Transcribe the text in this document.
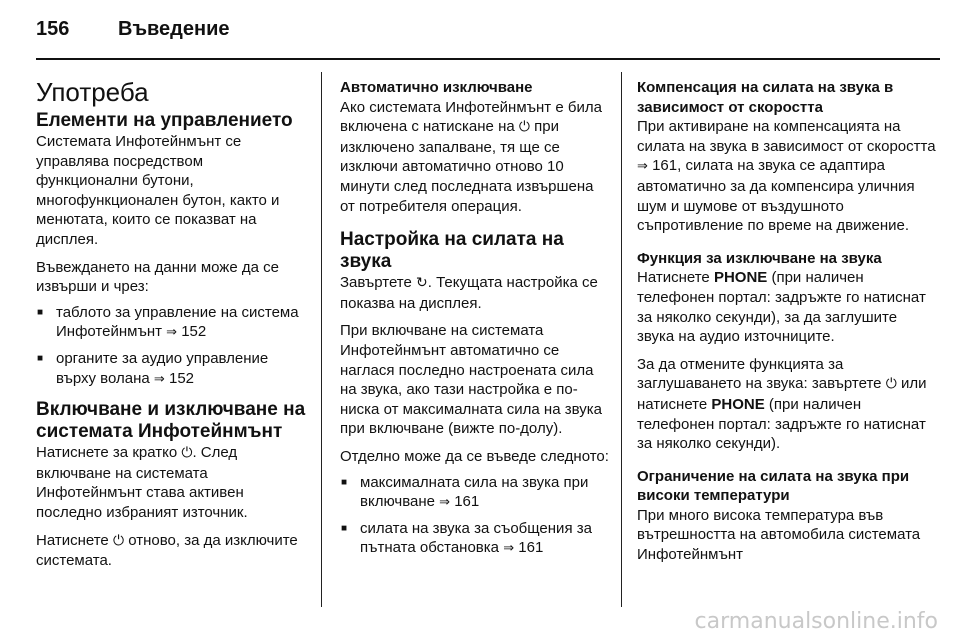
156	Въведение
Употреба
Елементи на управлението

Системата Инфотейнмънт се управлява посредством функционални бутони, многофункционален бутон, както и менютата, които се показват на дисплея.

Въвеждането на данни може да се извърши и чрез:

■ таблото за управление на система Инфотейнмънт ⇒ 152
■ органите за аудио управление върху волана ⇒ 152
Включване и изключване на системата Инфотейнмънт

Натиснете за кратко ⏻. След включване на системата Инфотейнмънт става активен последно избраният източник.

Натиснете ⏻ отново, за да изключите системата.

Автоматично изключване

Ако системата Инфотейнмънт е била включена с натискане на ⏻ при изключено запалване, тя ще се изключи автоматично отново 10 минути след последната извършена от потребителя операция.

Настройка на силата на звука

Завъртете ↻. Текущата настройка се показва на дисплея.

При включване на системата Инфотейнмънт автоматично се наглася последно настроената сила на звука, ако тази настройка е по-ниска от максималната сила на звука при включване (вижте по-долу).

Отделно може да се въведе следното:

■ максималната сила на звука при включване ⇒ 161
■ силата на звука за съобщения за пътната обстановка ⇒ 161
Компенсация на силата на звука в зависимост от скоростта

При активиране на компенсацията на силата на звука в зависимост от скоростта ⇒ 161, силата на звука се адаптира автоматично за да компенсира уличния шум и шумове от въздушното съпротивление по време на движение.

Функция за изключване на звука

Натиснете PHONE (при наличен телефонен портал: задръжте го натиснат за няколко секунди), за да заглушите звука на аудио източниците.

За да отмените функцията за заглушаването на звука: завъртете ⏻ или натиснете PHONE (при наличен телефонен портал: задръжте го натиснат за няколко секунди).

Ограничение на силата на звука при високи температури

При много висока температура във вътрешността на автомобила системата Инфотейнмънт

carmanualsonline.info
